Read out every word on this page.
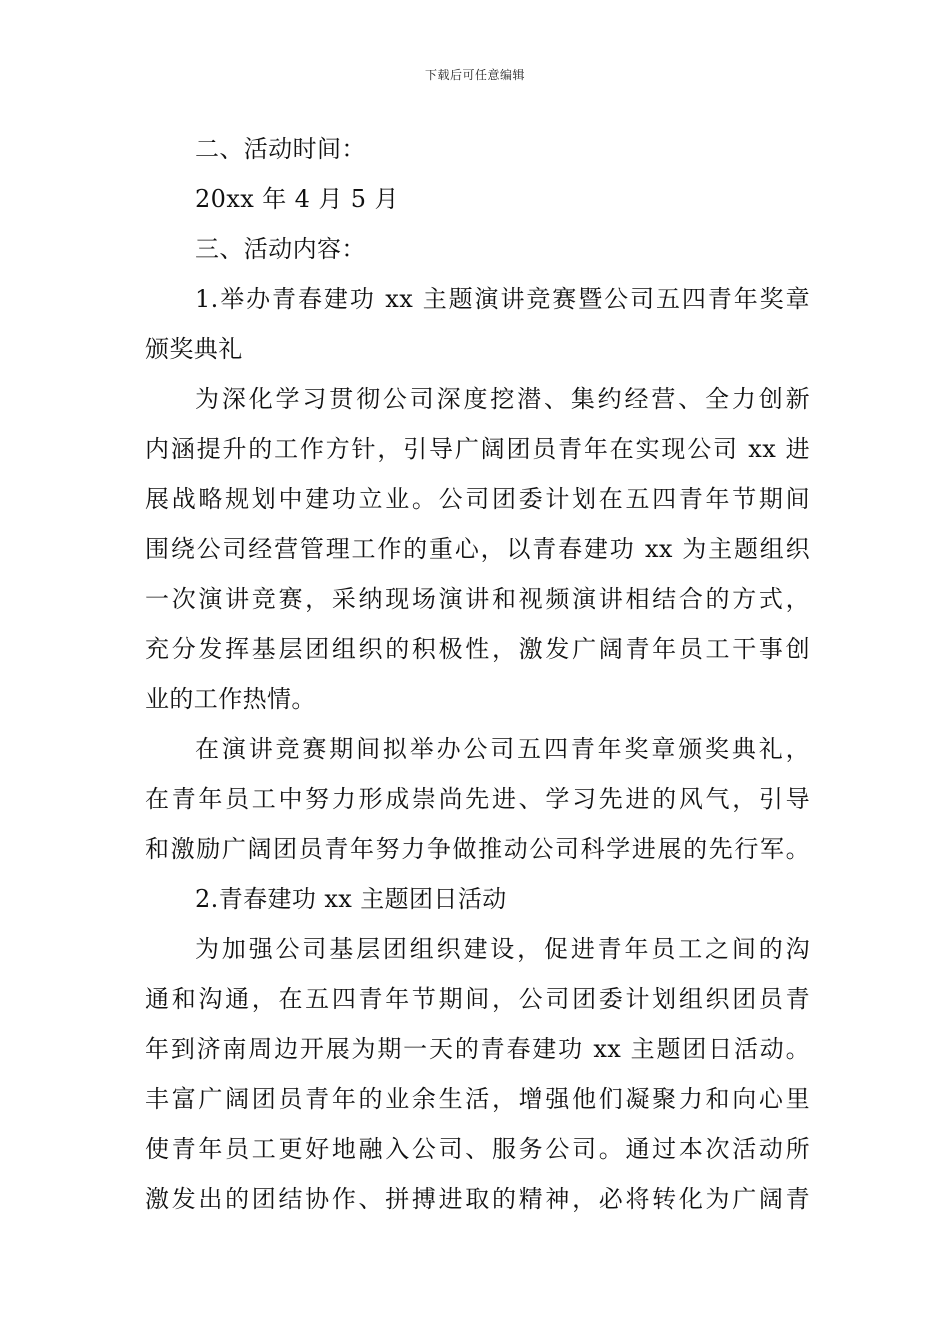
下载后可任意编辑
二、活动时间：
20xx 年 4 月 5 月
三、活动内容：
1.举办青春建功 xx 主题演讲竞赛暨公司五四青年奖章
颁奖典礼
为深化学习贯彻公司深度挖潜、集约经营、全力创新
内涵提升的工作方针，引导广阔团员青年在实现公司 xx 进
展战略规划中建功立业。公司团委计划在五四青年节期间
围绕公司经营管理工作的重心，以青春建功 xx 为主题组织
一次演讲竞赛，采纳现场演讲和视频演讲相结合的方式，
充分发挥基层团组织的积极性，激发广阔青年员工干事创
业的工作热情。
在演讲竞赛期间拟举办公司五四青年奖章颁奖典礼，
在青年员工中努力形成崇尚先进、学习先进的风气，引导
和激励广阔团员青年努力争做推动公司科学进展的先行军。
2.青春建功 xx 主题团日活动
为加强公司基层团组织建设，促进青年员工之间的沟
通和沟通，在五四青年节期间，公司团委计划组织团员青
年到济南周边开展为期一天的青春建功 xx 主题团日活动。
丰富广阔团员青年的业余生活，增强他们凝聚力和向心里
使青年员工更好地融入公司、服务公司。通过本次活动所
激发出的团结协作、拼搏进取的精神，必将转化为广阔青
